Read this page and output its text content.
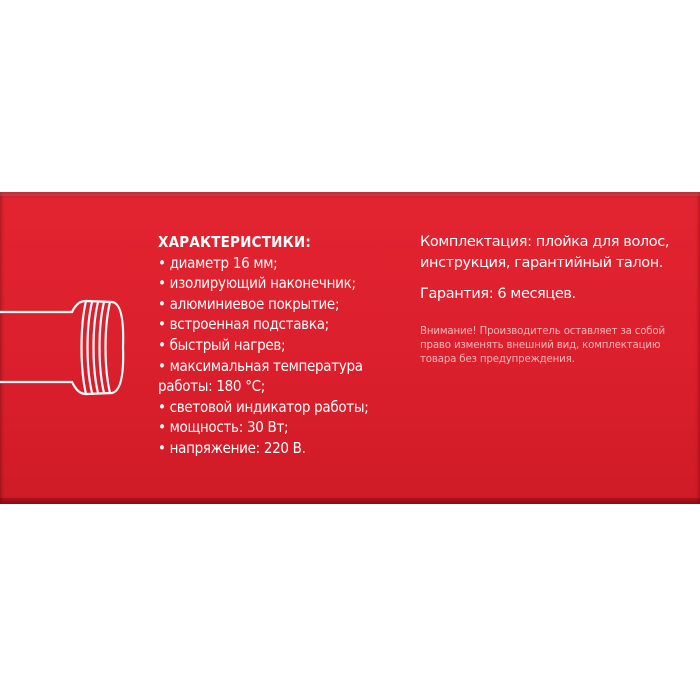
ХАРАКТЕРИСТИКИ:
• диаметр 16 мм;
• изолирующий наконечник;
• алюминиевое покрытие;
• встроенная подставка;
• быстрый нагрев;
• максимальная температура
работы: 180 °C;
• световой индикатор работы;
• мощность: 30 Вт;
• напряжение: 220 В.
Комплектация: плойка для волос,
инструкция, гарантийный талон.
Гарантия: 6 месяцев.
Внимание! Производитель оставляет за собой
право изменять внешний вид, комплектацию
товара без предупреждения.
